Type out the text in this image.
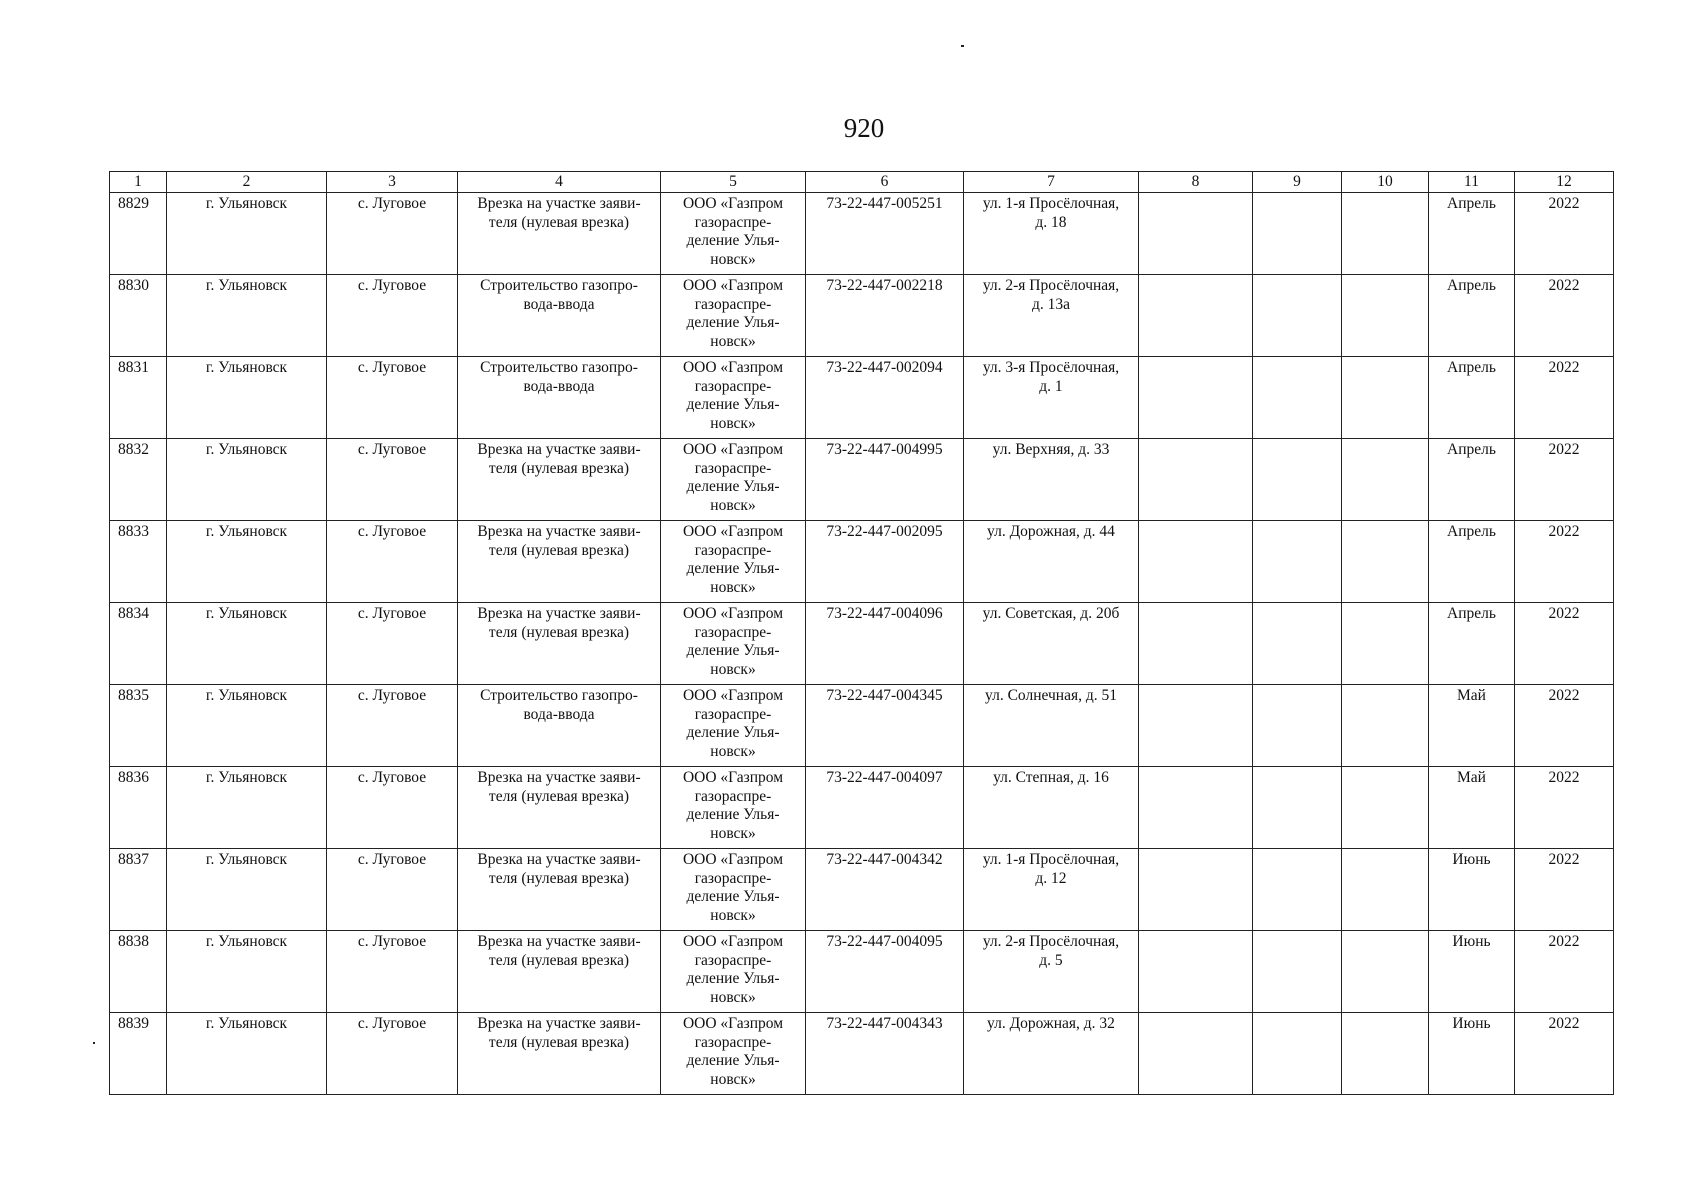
920
1	2	3	4	5	6	7	8	9	10	11	12
8829	г. Ульяновск	с. Луговое	Врезка на участке заяви-
теля (нулевая врезка)	ООО «Газпром
газораспре-
деление Улья-
новск»	73-22-447-005251	ул. 1-я Просёлочная,
д. 18				Апрель	2022
8830	г. Ульяновск	с. Луговое	Строительство газопро-
вода-ввода	ООО «Газпром
газораспре-
деление Улья-
новск»	73-22-447-002218	ул. 2-я Просёлочная,
д. 13а				Апрель	2022
8831	г. Ульяновск	с. Луговое	Строительство газопро-
вода-ввода	ООО «Газпром
газораспре-
деление Улья-
новск»	73-22-447-002094	ул. 3-я Просёлочная,
д. 1				Апрель	2022
8832	г. Ульяновск	с. Луговое	Врезка на участке заяви-
теля (нулевая врезка)	ООО «Газпром
газораспре-
деление Улья-
новск»	73-22-447-004995	ул. Верхняя, д. 33				Апрель	2022
8833	г. Ульяновск	с. Луговое	Врезка на участке заяви-
теля (нулевая врезка)	ООО «Газпром
газораспре-
деление Улья-
новск»	73-22-447-002095	ул. Дорожная, д. 44				Апрель	2022
8834	г. Ульяновск	с. Луговое	Врезка на участке заяви-
теля (нулевая врезка)	ООО «Газпром
газораспре-
деление Улья-
новск»	73-22-447-004096	ул. Советская, д. 20б				Апрель	2022
8835	г. Ульяновск	с. Луговое	Строительство газопро-
вода-ввода	ООО «Газпром
газораспре-
деление Улья-
новск»	73-22-447-004345	ул. Солнечная, д. 51				Май	2022
8836	г. Ульяновск	с. Луговое	Врезка на участке заяви-
теля (нулевая врезка)	ООО «Газпром
газораспре-
деление Улья-
новск»	73-22-447-004097	ул. Степная, д. 16				Май	2022
8837	г. Ульяновск	с. Луговое	Врезка на участке заяви-
теля (нулевая врезка)	ООО «Газпром
газораспре-
деление Улья-
новск»	73-22-447-004342	ул. 1-я Просёлочная,
д. 12				Июнь	2022
8838	г. Ульяновск	с. Луговое	Врезка на участке заяви-
теля (нулевая врезка)	ООО «Газпром
газораспре-
деление Улья-
новск»	73-22-447-004095	ул. 2-я Просёлочная,
д. 5				Июнь	2022
8839	г. Ульяновск	с. Луговое	Врезка на участке заяви-
теля (нулевая врезка)	ООО «Газпром
газораспре-
деление Улья-
новск»	73-22-447-004343	ул. Дорожная, д. 32				Июнь	2022
